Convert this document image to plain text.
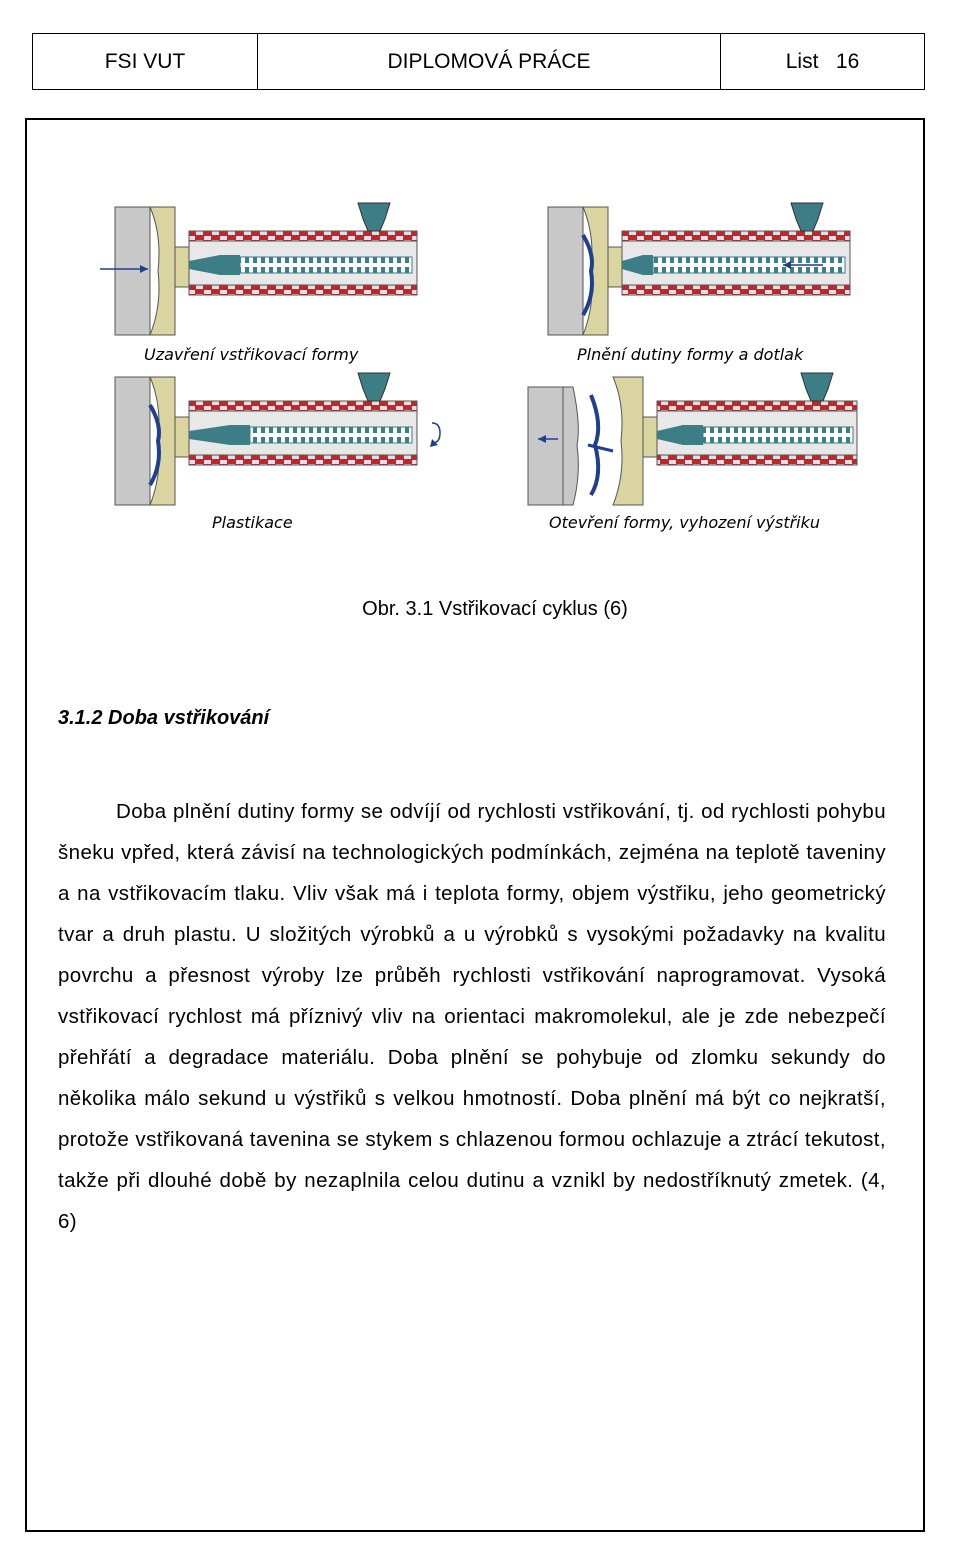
FSI VUT	DIPLOMOVÁ PRÁCE	List   16
Uzavření vstřikovací formy	Plnění dutiny formy a dotlak
Plastikace	Otevření formy, vyhození výstřiku
Obr. 3.1 Vstřikovací cyklus (6)
3.1.2 Doba vstřikování

Doba plnění dutiny formy se odvíjí od rychlosti vstřikování, tj. od rychlosti pohybu šneku vpřed, která závisí na technologických podmínkách, zejména na teplotě taveniny a na vstřikovacím tlaku. Vliv však má i teplota formy, objem výstřiku, jeho geometrický tvar a druh plastu. U složitých výrobků a u výrobků s vysokými požadavky na kvalitu povrchu a přesnost výroby lze průběh rychlosti vstřikování naprogramovat. Vysoká vstřikovací rychlost má příznivý vliv na orientaci makromolekul, ale je zde nebezpečí přehřátí a degradace materiálu. Doba plnění se pohybuje od zlomku sekundy do několika málo sekund u výstřiků s velkou hmotností. Doba plnění má být co nejkratší, protože vstřikovaná tavenina se stykem s chlazenou formou ochlazuje a ztrácí tekutost, takže při dlouhé době by nezaplnila celou dutinu a vznikl by nedostříknutý zmetek. (4, 6)
